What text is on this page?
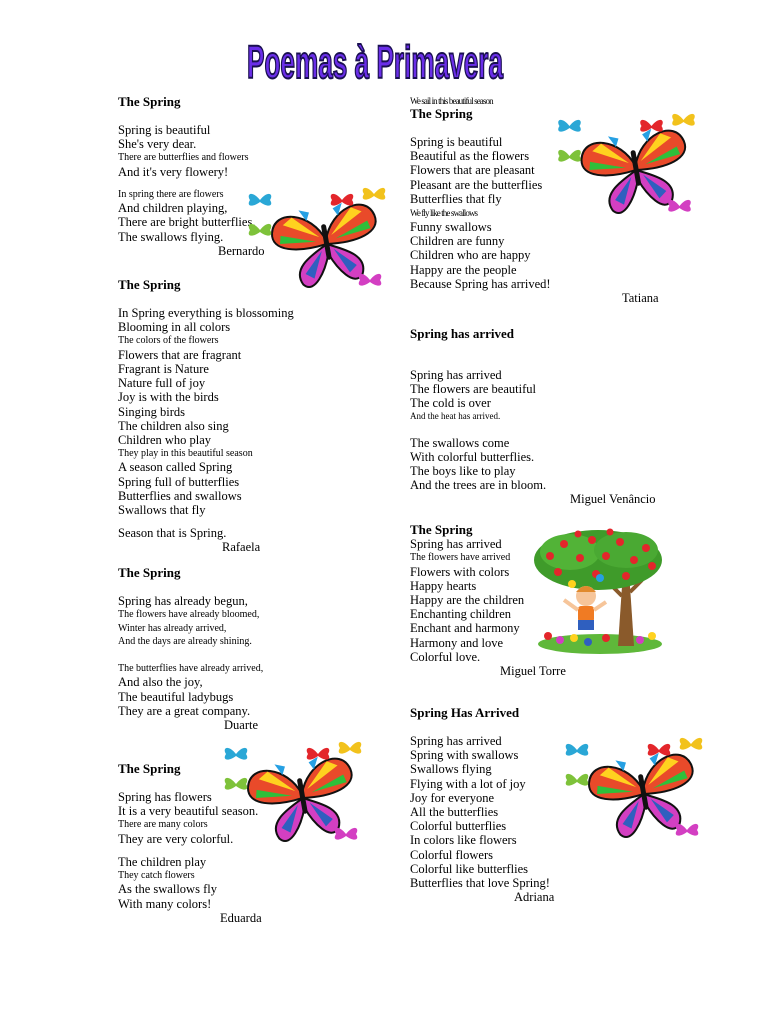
Poemas à Primavera
The Spring
Spring is beautiful
She's very dear.
There are butterflies and flowers
And it's very flowery!
In spring there are flowers
And children playing,
There are bright butterflies,
The swallows flying.
Bernardo
The Spring
In Spring everything is blossoming
Blooming in all colors
The colors of the flowers
Flowers that are fragrant
Fragrant is Nature
Nature full of joy
Joy is with the birds
Singing birds
The children also sing
Children who play
They play in this beautiful season
A season called Spring
Spring full of butterflies
Butterflies and swallows
Swallows that fly
Season that is Spring.
Rafaela
The Spring
Spring has already begun,
The flowers have already bloomed,
Winter has already arrived,
And the days are already shining.
The butterflies have already arrived,
And also the joy,
The beautiful ladybugs
They are a great company.
Duarte
The Spring
Spring has flowers
It is a very beautiful season.
There are many colors
They are very colorful.
The children play
They catch flowers
As the swallows fly
With many colors!
Eduarda
We sail in this beautiful season
The Spring
Spring is beautiful
Beautiful as the flowers
Flowers that are pleasant
Pleasant are the butterflies
Butterflies that fly
We fly like the swallows
Funny swallows
Children are funny
Children who are happy
Happy are the people
Because Spring has arrived!
Tatiana
Spring has arrived
Spring has arrived
The flowers are beautiful
The cold is over
And the heat has arrived.
The swallows come
With colorful butterflies.
The boys like to play
And the trees are in bloom.
Miguel Venâncio
The Spring
Spring has arrived
The flowers have arrived
Flowers with colors
Happy hearts
Happy are the children
Enchanting children
Enchant and harmony
Harmony and love
Colorful love.
Miguel Torre
Spring Has Arrived
Spring has arrived
Spring with swallows
Swallows flying
Flying with a lot of joy
Joy for everyone
All the butterflies
Colorful butterflies
In colors like flowers
Colorful flowers
Colorful like butterflies
Butterflies that love Spring!
Adriana
